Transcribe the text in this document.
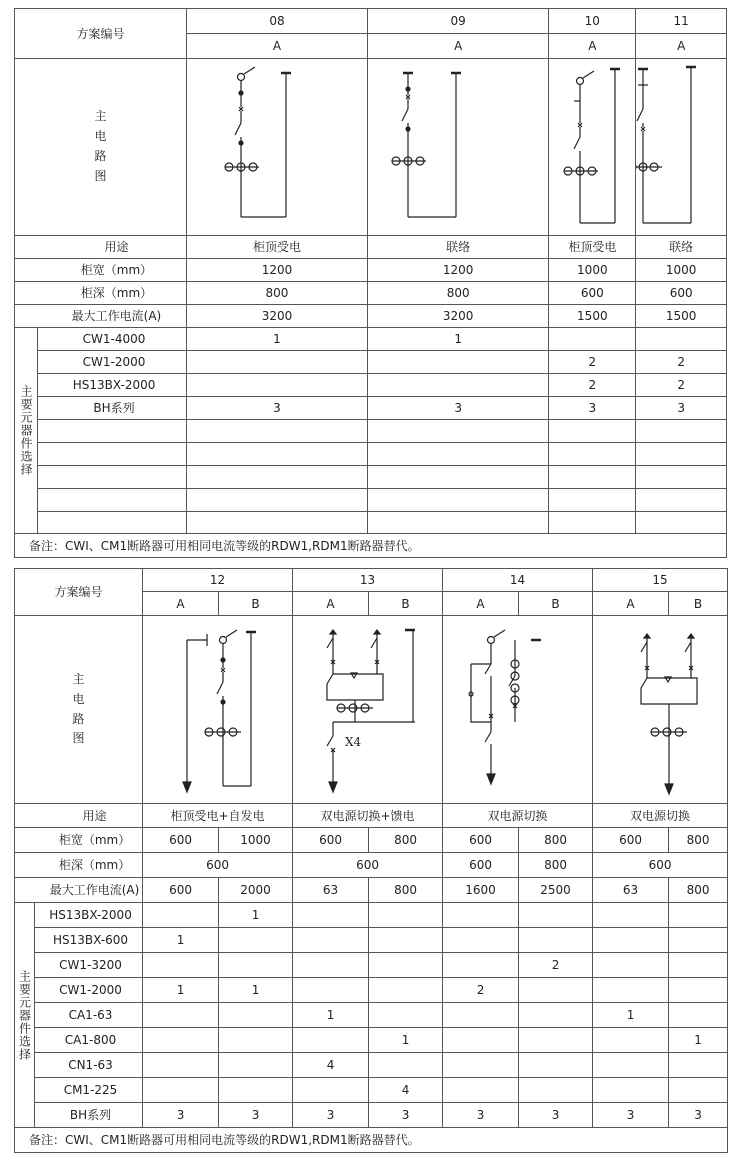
方案编号		08	09	10	11
		A	A	A	A

主
电
路
图

用途		柜顶受电	联络	柜顶受电	联络
柜宽（mm）		1200	1200	1000	1000
柜深（mm）		800	800	600	600
最大工作电流(A)		3200	3200	1500	1500
主要元器件选择	CW1-4000	1	1		
	CW1-2000			2	2
	HS13BX-2000			2	2
	BH系列	3	3	3	3

备注：CWI、CM1断路器可用相同电流等级的RDW1,RDM1断路器替代。					
方案编号		12		13		14		15	
		A	B	A	B	A	B	A	B

主
电
路
图				X4

用途		柜顶受电+自发电		双电源切换+馈电		双电源切换		双电源切换	
柜宽（mm）		600	1000	600	800	600	800	600	800
柜深（mm）		600		600		600	800	600	
最大工作电流(A)		600	2000	63	800	1600	2500	63	800
主要元器件选择	HS13BX-2000		1						
	HS13BX-600	1							
	CW1-3200						2		
	CW1-2000	1	1			2			
	CA1-63			1				1	
	CA1-800				1				1
	CN1-63			4					
	CM1-225				4				
	BH系列	3	3	3	3	3	3	3	3
备注：CWI、CM1断路器可用相同电流等级的RDW1,RDM1断路器替代。									
